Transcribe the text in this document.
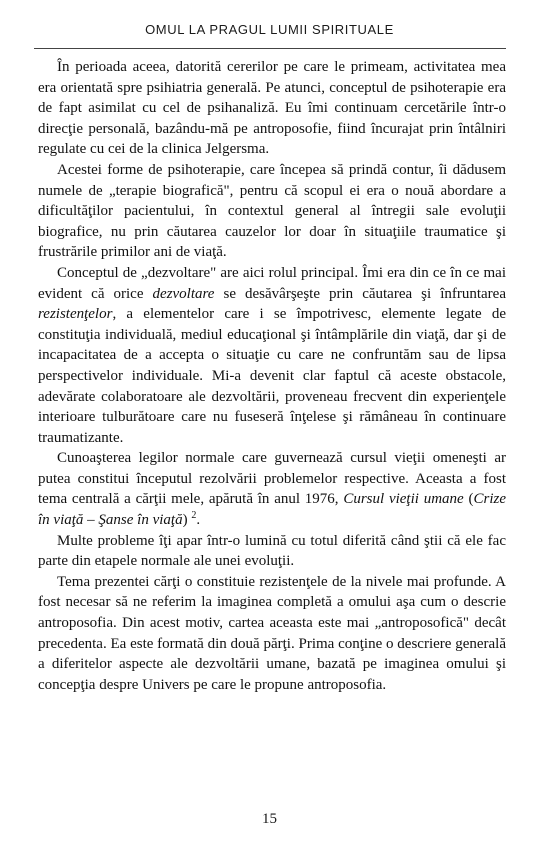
OMUL LA PRAGUL LUMII SPIRITUALE

În perioada aceea, datorită cererilor pe care le primeam, activitatea mea era orientată spre psihiatria generală. Pe atunci, conceptul de psihoterapie era de fapt asimilat cu cel de psihanaliză. Eu îmi continuam cercetările într-o direcţie personală, bazându-mă pe antroposofie, fiind încurajat prin întâlniri regulate cu cei de la clinica Jelgersma.

Acestei forme de psihoterapie, care începea să prindă contur, îi dădusem numele de „terapie biografică", pentru că scopul ei era o nouă abordare a dificultăţilor pacientului, în contextul general al întregii sale evoluţii biografice, nu prin căutarea cauzelor lor doar în situaţiile traumatice şi frustrările primilor ani de viaţă.

Conceptul de „dezvoltare" are aici rolul principal. Îmi era din ce în ce mai evident că orice dezvoltare se desăvârşeşte prin căutarea şi înfruntarea rezistenţelor, a elementelor care i se împotrivesc, elemente legate de constituţia individuală, mediul educaţional şi întâmplările din viaţă, dar şi de incapacitatea de a accepta o situaţie cu care ne confruntăm sau de lipsa perspectivelor individuale. Mi-a devenit clar faptul că aceste obstacole, adevărate colaboratoare ale dezvoltării, proveneau frecvent din experienţele interioare tulburătoare care nu fuseseră înţelese şi rămâneau în continuare traumatizante.

Cunoaşterea legilor normale care guvernează cursul vieţii omeneşti ar putea constitui începutul rezolvării problemelor respective. Aceasta a fost tema centrală a cărţii mele, apărută în anul 1976, Cursul vieţii umane (Crize în viaţă – Şanse în viaţă) $^2$.

Multe probleme îţi apar într-o lumină cu totul diferită când ştii că ele fac parte din etapele normale ale unei evoluţii.

Tema prezentei cărţi o constituie rezistenţele de la nivele mai profunde. A fost necesar să ne referim la imaginea completă a omului aşa cum o descrie antroposofia. Din acest motiv, cartea aceasta este mai „antroposofică" decât precedenta. Ea este formată din două părţi. Prima conţine o descriere generală a diferitelor aspecte ale dezvoltării umane, bazată pe imaginea omului şi concepţia despre Univers pe care le propune antroposofia.

15
